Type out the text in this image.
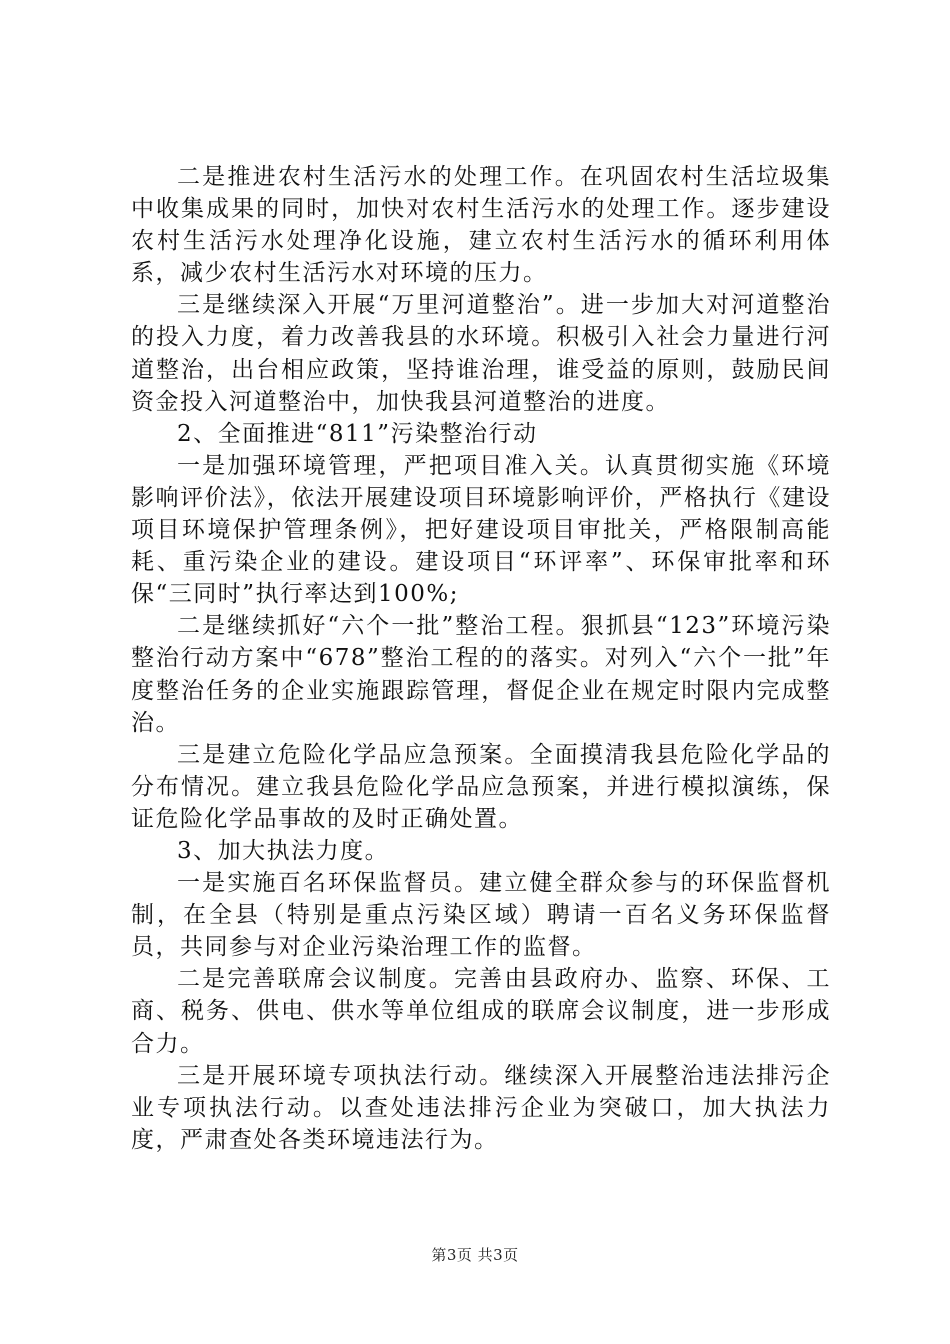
二是推进农村生活污水的处理工作。在巩固农村生活垃圾集中收集成果的同时，加快对农村生活污水的处理工作。逐步建设农村生活污水处理净化设施，建立农村生活污水的循环利用体系，减少农村生活污水对环境的压力。

三是继续深入开展“万里河道整治”。进一步加大对河道整治的投入力度，着力改善我县的水环境。积极引入社会力量进行河道整治，出台相应政策，坚持谁治理，谁受益的原则，鼓励民间资金投入河道整治中，加快我县河道整治的进度。

2、全面推进“811”污染整治行动

一是加强环境管理，严把项目准入关。认真贯彻实施《环境影响评价法》，依法开展建设项目环境影响评价，严格执行《建设项目环境保护管理条例》，把好建设项目审批关，严格限制高能耗、重污染企业的建设。建设项目“环评率”、环保审批率和环保“三同时”执行率达到100%;

二是继续抓好“六个一批”整治工程。狠抓县“123”环境污染整治行动方案中“678”整治工程的的落实。对列入“六个一批”年度整治任务的企业实施跟踪管理，督促企业在规定时限内完成整治。

三是建立危险化学品应急预案。全面摸清我县危险化学品的分布情况。建立我县危险化学品应急预案，并进行模拟演练，保证危险化学品事故的及时正确处置。

3、加大执法力度。

一是实施百名环保监督员。建立健全群众参与的环保监督机制，在全县（特别是重点污染区域）聘请一百名义务环保监督员，共同参与对企业污染治理工作的监督。

二是完善联席会议制度。完善由县政府办、监察、环保、工商、税务、供电、供水等单位组成的联席会议制度，进一步形成合力。

三是开展环境专项执法行动。继续深入开展整治违法排污企业专项执法行动。以查处违法排污企业为突破口，加大执法力度，严肃查处各类环境违法行为。

第3页 共3页
